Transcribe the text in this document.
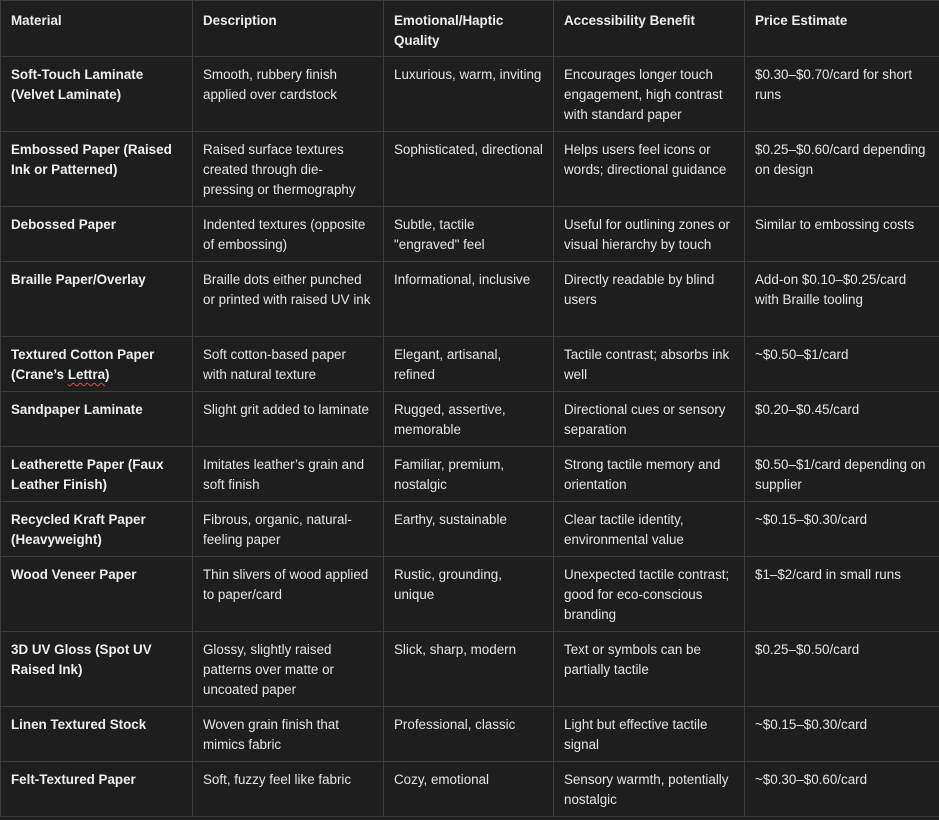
Material	Description	Emotional/Haptic Quality	Accessibility Benefit	Price Estimate
Soft-Touch Laminate (Velvet Laminate)	Smooth, rubbery finish applied over cardstock	Luxurious, warm, inviting	Encourages longer touch engagement, high contrast with standard paper	$0.30–$0.70/card for short runs
Embossed Paper (Raised Ink or Patterned)	Raised surface textures created through die-pressing or thermography	Sophisticated, directional	Helps users feel icons or words; directional guidance	$0.25–$0.60/card depending on design
Debossed Paper	Indented textures (opposite of embossing)	Subtle, tactile "engraved" feel	Useful for outlining zones or visual hierarchy by touch	Similar to embossing costs
Braille Paper/Overlay	Braille dots either punched or printed with raised UV ink	Informational, inclusive	Directly readable by blind users	Add-on $0.10–$0.25/card with Braille tooling
Textured Cotton Paper (Crane’s Lettra)	Soft cotton-based paper with natural texture	Elegant, artisanal, refined	Tactile contrast; absorbs ink well	~$0.50–$1/card
Sandpaper Laminate	Slight grit added to laminate	Rugged, assertive, memorable	Directional cues or sensory separation	$0.20–$0.45/card
Leatherette Paper (Faux Leather Finish)	Imitates leather’s grain and soft finish	Familiar, premium, nostalgic	Strong tactile memory and orientation	$0.50–$1/card depending on supplier
Recycled Kraft Paper (Heavyweight)	Fibrous, organic, natural-feeling paper	Earthy, sustainable	Clear tactile identity, environmental value	~$0.15–$0.30/card
Wood Veneer Paper	Thin slivers of wood applied to paper/card	Rustic, grounding, unique	Unexpected tactile contrast; good for eco-conscious branding	$1–$2/card in small runs
3D UV Gloss (Spot UV Raised Ink)	Glossy, slightly raised patterns over matte or uncoated paper	Slick, sharp, modern	Text or symbols can be partially tactile	$0.25–$0.50/card
Linen Textured Stock	Woven grain finish that mimics fabric	Professional, classic	Light but effective tactile signal	~$0.15–$0.30/card
Felt-Textured Paper	Soft, fuzzy feel like fabric	Cozy, emotional	Sensory warmth, potentially nostalgic	~$0.30–$0.60/card
